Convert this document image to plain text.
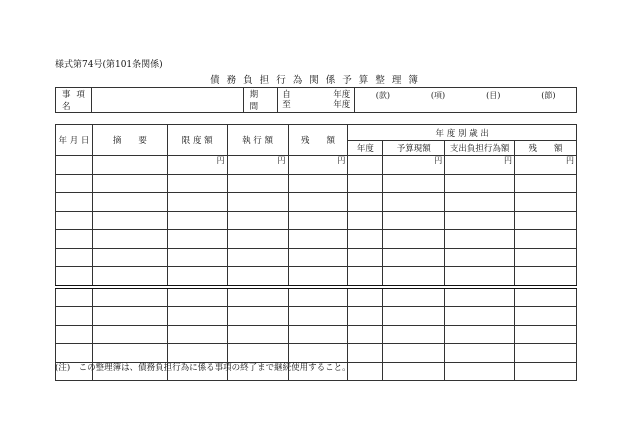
様式第74号(第101条関係)
債 務 負 担 行 為 関 係 予 算 整 理 簿
事 項 名		期　間	
自	年度
至	年度

(款)	(項)	(目)	(節)
年 月 日	摘　　要	限 度 額	執 行 額	残　　額	年 度 別 歳 出			
					年度	予算現額	支出負担行為額	残　　額
		円	円	円		円	円	円

(注)　この整理簿は、債務負担行為に係る事項の終了まで継続使用すること。
